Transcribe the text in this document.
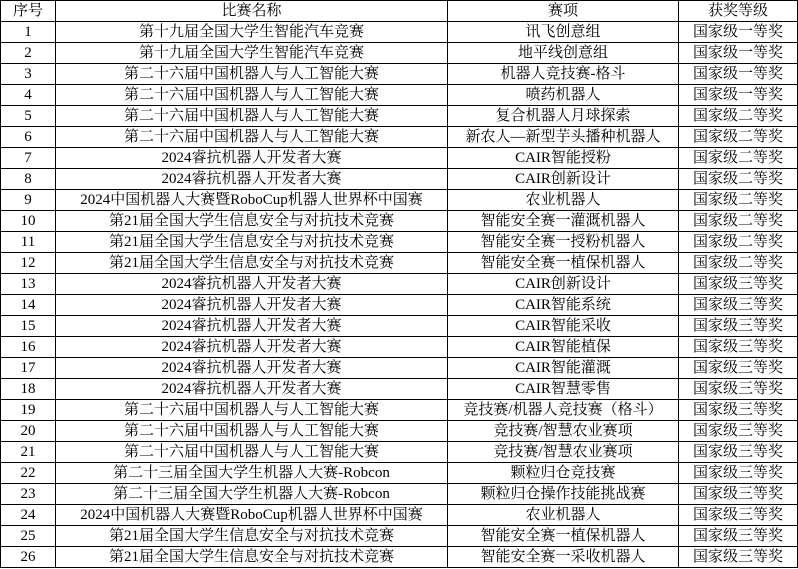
序号	比赛名称	赛项	获奖等级
1	第十九届全国大学生智能汽车竞赛	讯飞创意组	国家级一等奖
2	第十九届全国大学生智能汽车竞赛	地平线创意组	国家级一等奖
3	第二十六届中国机器人与人工智能大赛	机器人竞技赛-格斗	国家级一等奖
4	第二十六届中国机器人与人工智能大赛	喷药机器人	国家级一等奖
5	第二十六届中国机器人与人工智能大赛	复合机器人月球探索	国家级二等奖
6	第二十六届中国机器人与人工智能大赛	新农人—新型芋头播种机器人	国家级二等奖
7	2024睿抗机器人开发者大赛	CAIR智能授粉	国家级二等奖
8	2024睿抗机器人开发者大赛	CAIR创新设计	国家级二等奖
9	2024中国机器人大赛暨RoboCup机器人世界杯中国赛	农业机器人	国家级二等奖
10	第21届全国大学生信息安全与对抗技术竞赛	智能安全赛一灌溉机器人	国家级二等奖
11	第21届全国大学生信息安全与对抗技术竞赛	智能安全赛一授粉机器人	国家级二等奖
12	第21届全国大学生信息安全与对抗技术竞赛	智能安全赛一植保机器人	国家级二等奖
13	2024睿抗机器人开发者大赛	CAIR创新设计	国家级三等奖
14	2024睿抗机器人开发者大赛	CAIR智能系统	国家级三等奖
15	2024睿抗机器人开发者大赛	CAIR智能采收	国家级三等奖
16	2024睿抗机器人开发者大赛	CAIR智能植保	国家级三等奖
17	2024睿抗机器人开发者大赛	CAIR智能灌溉	国家级三等奖
18	2024睿抗机器人开发者大赛	CAIR智慧零售	国家级三等奖
19	第二十六届中国机器人与人工智能大赛	竞技赛/机器人竞技赛（格斗）	国家级三等奖
20	第二十六届中国机器人与人工智能大赛	竞技赛/智慧农业赛项	国家级三等奖
21	第二十六届中国机器人与人工智能大赛	竞技赛/智慧农业赛项	国家级三等奖
22	第二十三届全国大学生机器人大赛-Robcon	颗粒归仓竞技赛	国家级三等奖
23	第二十三届全国大学生机器人大赛-Robcon	颗粒归仓操作技能挑战赛	国家级三等奖
24	2024中国机器人大赛暨RoboCup机器人世界杯中国赛	农业机器人	国家级三等奖
25	第21届全国大学生信息安全与对抗技术竞赛	智能安全赛一植保机器人	国家级三等奖
26	第21届全国大学生信息安全与对抗技术竞赛	智能安全赛一采收机器人	国家级三等奖
